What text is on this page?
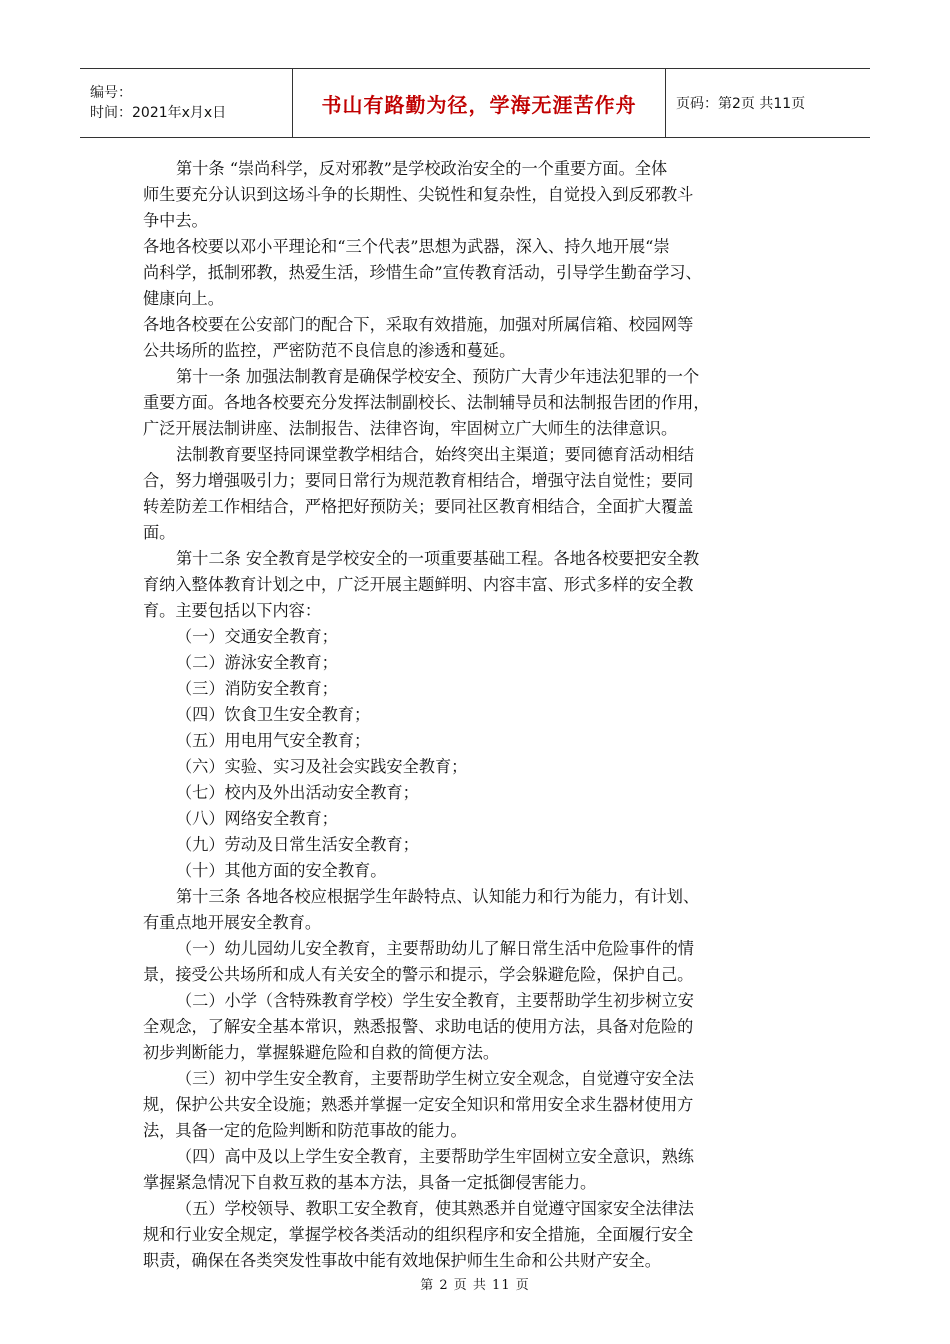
编号：
时间：2021年x月x日	书山有路勤为径，学海无涯苦作舟	页码：第2页 共11页

第十条 “崇尚科学，反对邪教”是学校政治安全的一个重要方面。全体

师生要充分认识到这场斗争的长期性、尖锐性和复杂性，自觉投入到反邪教斗

争中去。

各地各校要以邓小平理论和“三个代表”思想为武器，深入、持久地开展“崇

尚科学，抵制邪教，热爱生活，珍惜生命”宣传教育活动，引导学生勤奋学习、

健康向上。

各地各校要在公安部门的配合下，采取有效措施，加强对所属信箱、校园网等

公共场所的监控，严密防范不良信息的渗透和蔓延。

第十一条 加强法制教育是确保学校安全、预防广大青少年违法犯罪的一个

重要方面。各地各校要充分发挥法制副校长、法制辅导员和法制报告团的作用，

广泛开展法制讲座、法制报告、法律咨询，牢固树立广大师生的法律意识。

法制教育要坚持同课堂教学相结合，始终突出主渠道；要同德育活动相结

合，努力增强吸引力；要同日常行为规范教育相结合，增强守法自觉性；要同

转差防差工作相结合，严格把好预防关；要同社区教育相结合，全面扩大覆盖

面。

第十二条 安全教育是学校安全的一项重要基础工程。各地各校要把安全教

育纳入整体教育计划之中，广泛开展主题鲜明、内容丰富、形式多样的安全教

育。主要包括以下内容：

（一）交通安全教育；

（二）游泳安全教育；

（三）消防安全教育；

（四）饮食卫生安全教育；

（五）用电用气安全教育；

（六）实验、实习及社会实践安全教育；

（七）校内及外出活动安全教育；

（八）网络安全教育；

（九）劳动及日常生活安全教育；

（十）其他方面的安全教育。

第十三条 各地各校应根据学生年龄特点、认知能力和行为能力，有计划、

有重点地开展安全教育。

（一）幼儿园幼儿安全教育，主要帮助幼儿了解日常生活中危险事件的情

景，接受公共场所和成人有关安全的警示和提示，学会躲避危险，保护自己。

（二）小学（含特殊教育学校）学生安全教育，主要帮助学生初步树立安

全观念，了解安全基本常识，熟悉报警、求助电话的使用方法，具备对危险的

初步判断能力，掌握躲避危险和自救的简便方法。

（三）初中学生安全教育，主要帮助学生树立安全观念，自觉遵守安全法

规，保护公共安全设施；熟悉并掌握一定安全知识和常用安全求生器材使用方

法，具备一定的危险判断和防范事故的能力。

（四）高中及以上学生安全教育，主要帮助学生牢固树立安全意识，熟练

掌握紧急情况下自救互救的基本方法，具备一定抵御侵害能力。

（五）学校领导、教职工安全教育，使其熟悉并自觉遵守国家安全法律法

规和行业安全规定，掌握学校各类活动的组织程序和安全措施，全面履行安全

职责，确保在各类突发性事故中能有效地保护师生生命和公共财产安全。

第 2 页 共 11 页
